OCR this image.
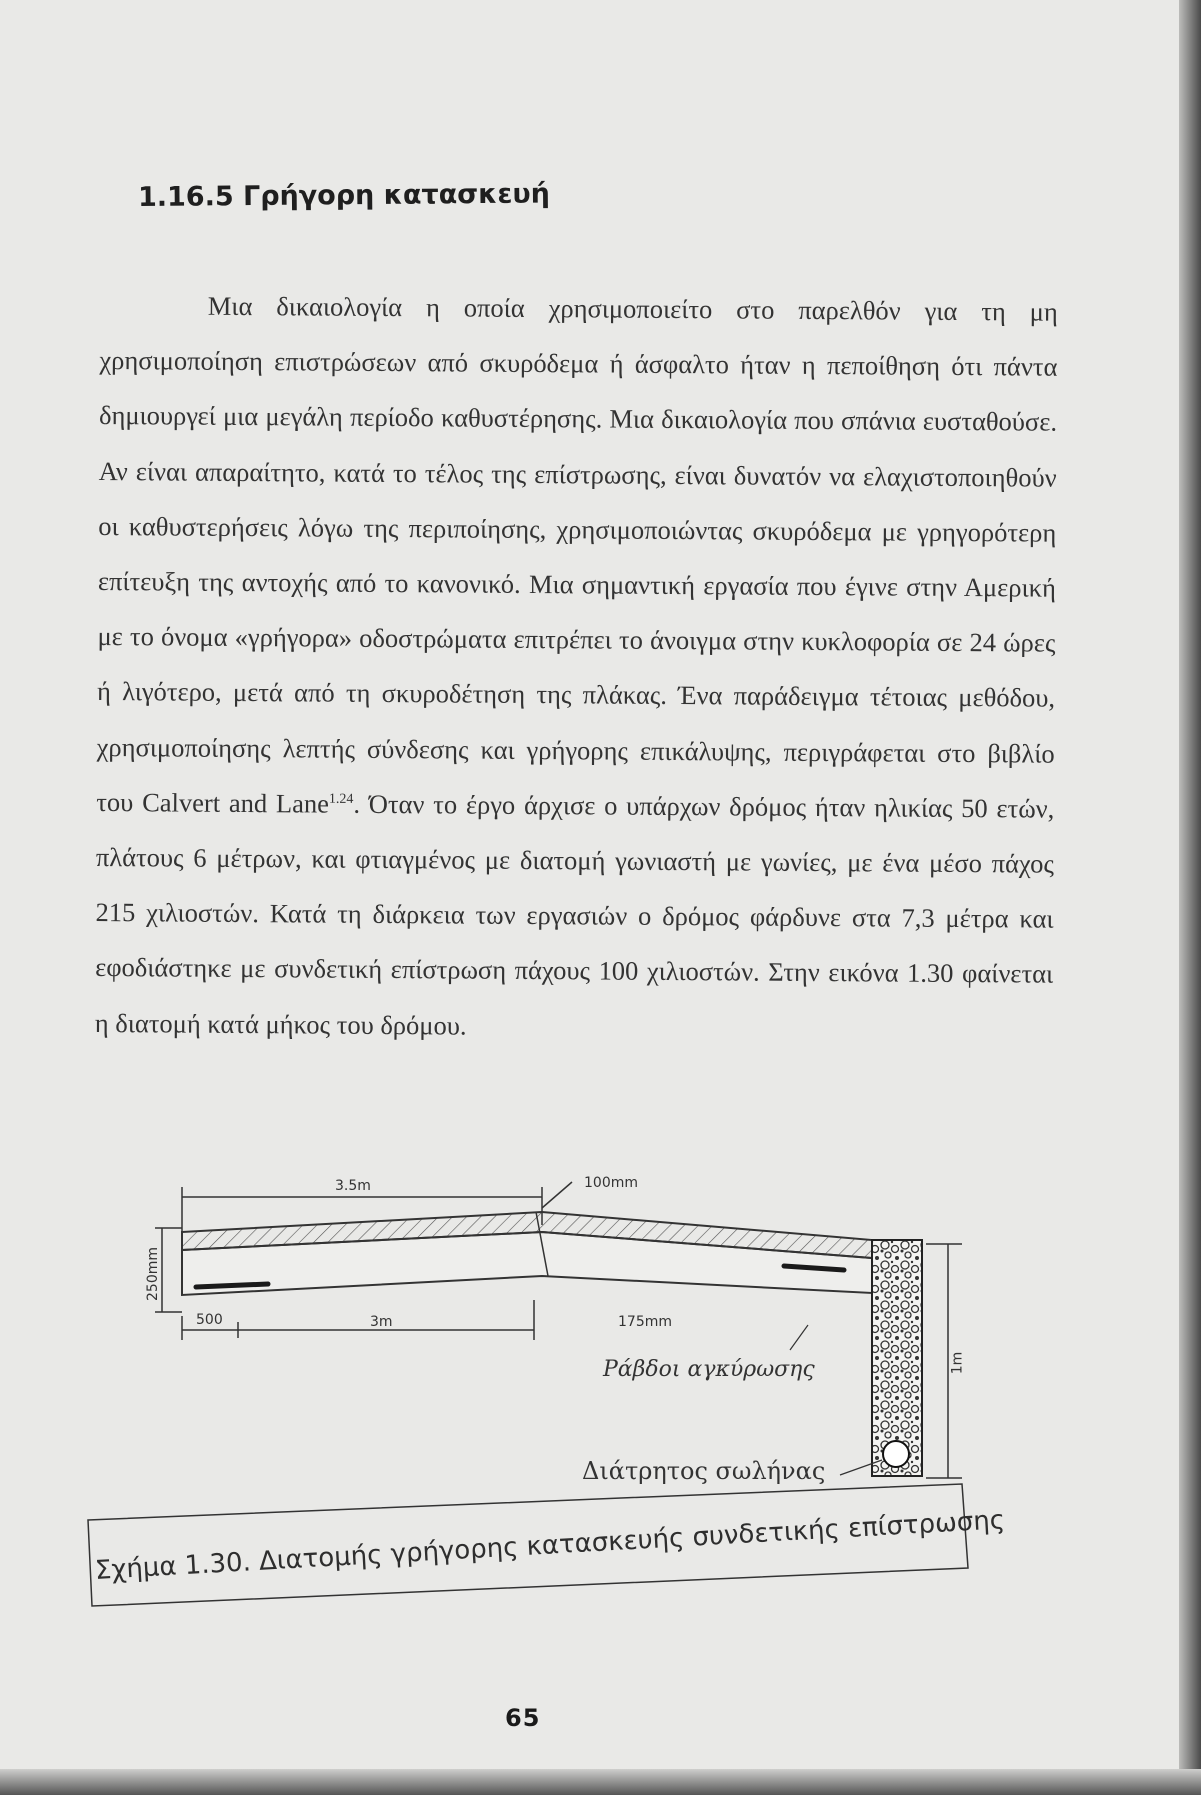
1.16.5 Γρήγορη κατασκευή

Μια δικαιολογία η οποία χρησιμοποιείτο στο παρελθόν για τη μη χρησιμοποίηση επιστρώσεων από σκυρόδεμα ή άσφαλτο ήταν η πεποίθηση ότι πάντα δημιουργεί μια μεγάλη περίοδο καθυστέρησης. Μια δικαιολογία που σπάνια ευσταθούσε. Αν είναι απαραίτητο, κατά το τέλος της επίστρωσης, είναι δυνατόν να ελαχιστοποιηθούν οι καθυστερήσεις λόγω της περιποίησης, χρησιμοποιώντας σκυρόδεμα με γρηγορότερη επίτευξη της αντοχής από το κανονικό. Μια σημαντική εργασία που έγινε στην Αμερική με το όνομα «γρήγορα» οδοστρώματα επιτρέπει το άνοιγμα στην κυκλοφορία σε 24 ώρες ή λιγότερο, μετά από τη σκυροδέτηση της πλάκας. Ένα παράδειγμα τέτοιας μεθόδου, χρησιμοποίησης λεπτής σύνδεσης και γρήγορης επικάλυψης, περιγράφεται στο βιβλίο του Calvert and Lane$^{1.24}$. Όταν το έργο άρχισε ο υπάρχων δρόμος ήταν ηλικίας 50 ετών, πλάτους 6 μέτρων, και φτιαγμένος με διατομή γωνιαστή με γωνίες, με ένα μέσο πάχος 215 χιλιοστών. Κατά τη διάρκεια των εργασιών ο δρόμος φάρδυνε στα 7,3 μέτρα και εφοδιάστηκε με συνδετική επίστρωση πάχους 100 χιλιοστών. Στην εικόνα 1.30 φαίνεται η διατομή κατά μήκος του δρόμου.

3.5m	100mm

250mm

500	3m	175mm

1m

Ράβδοι αγκύρωσης

Διάτρητος σωλήνας

Σχήμα 1.30. Διατομής γρήγορης κατασκευής συνδετικής επίστρωσης

65
